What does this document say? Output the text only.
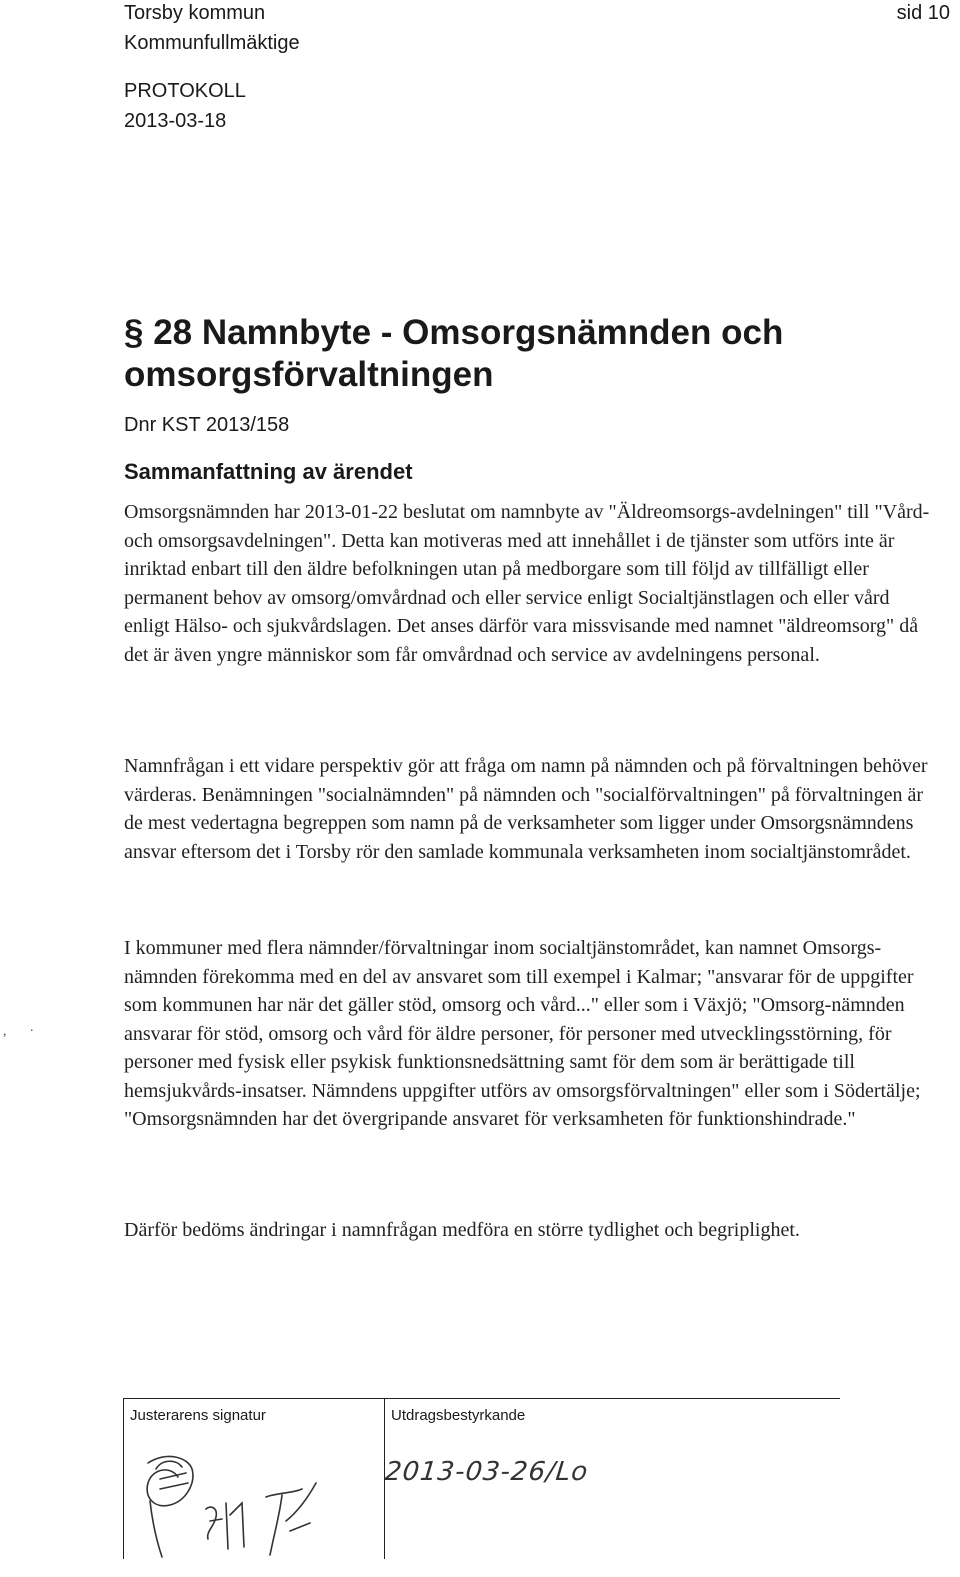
Torsby kommun
Kommunfullmäktige
PROTOKOLL
2013-03-18
sid 10
§ 28 Namnbyte - Omsorgsnämnden och omsorgsförvaltningen
Dnr KST 2013/158
Sammanfattning av ärendet

Omsorgsnämnden har 2013-01-22 beslutat om namnbyte av "Äldreomsorgs-avdelningen" till "Vård- och omsorgsavdelningen". Detta kan motiveras med att innehållet i de tjänster som utförs inte är inriktad enbart till den äldre befolkningen utan på medborgare som till följd av tillfälligt eller permanent behov av omsorg/omvårdnad och eller service enligt Socialtjänstlagen och eller vård enligt Hälso- och sjukvårdslagen. Det anses därför vara missvisande med namnet "äldreomsorg" då det är även yngre människor som får omvårdnad och service av avdelningens personal.

Namnfrågan i ett vidare perspektiv gör att fråga om namn på nämnden och på förvaltningen behöver värderas. Benämningen "socialnämnden" på nämnden och "socialförvaltningen" på förvaltningen är de mest vedertagna begreppen som namn på de verksamheter som ligger under Omsorgsnämndens ansvar eftersom det i Torsby rör den samlade kommunala verksamheten inom socialtjänstområdet.

I kommuner med flera nämnder/förvaltningar inom socialtjänstområdet, kan namnet Omsorgs-nämnden förekomma med en del av ansvaret som till exempel i Kalmar; "ansvarar för de uppgifter som kommunen har när det gäller stöd, omsorg och vård..." eller som i Växjö; "Omsorg-nämnden ansvarar för stöd, omsorg och vård för äldre personer, för personer med utvecklingsstörning, för personer med fysisk eller psykisk funktionsnedsättning samt för dem som är berättigade till hemsjukvårds-insatser. Nämndens uppgifter utförs av omsorgsförvaltningen" eller som i Södertälje; "Omsorgsnämnden har det övergripande ansvaret för verksamheten för funktionshindrade."

Därför bedöms ändringar i namnfrågan medföra en större tydlighet och begriplighet.

, .
Justerarens signatur	Utdragsbestyrkande
2013-03-26/Lo
